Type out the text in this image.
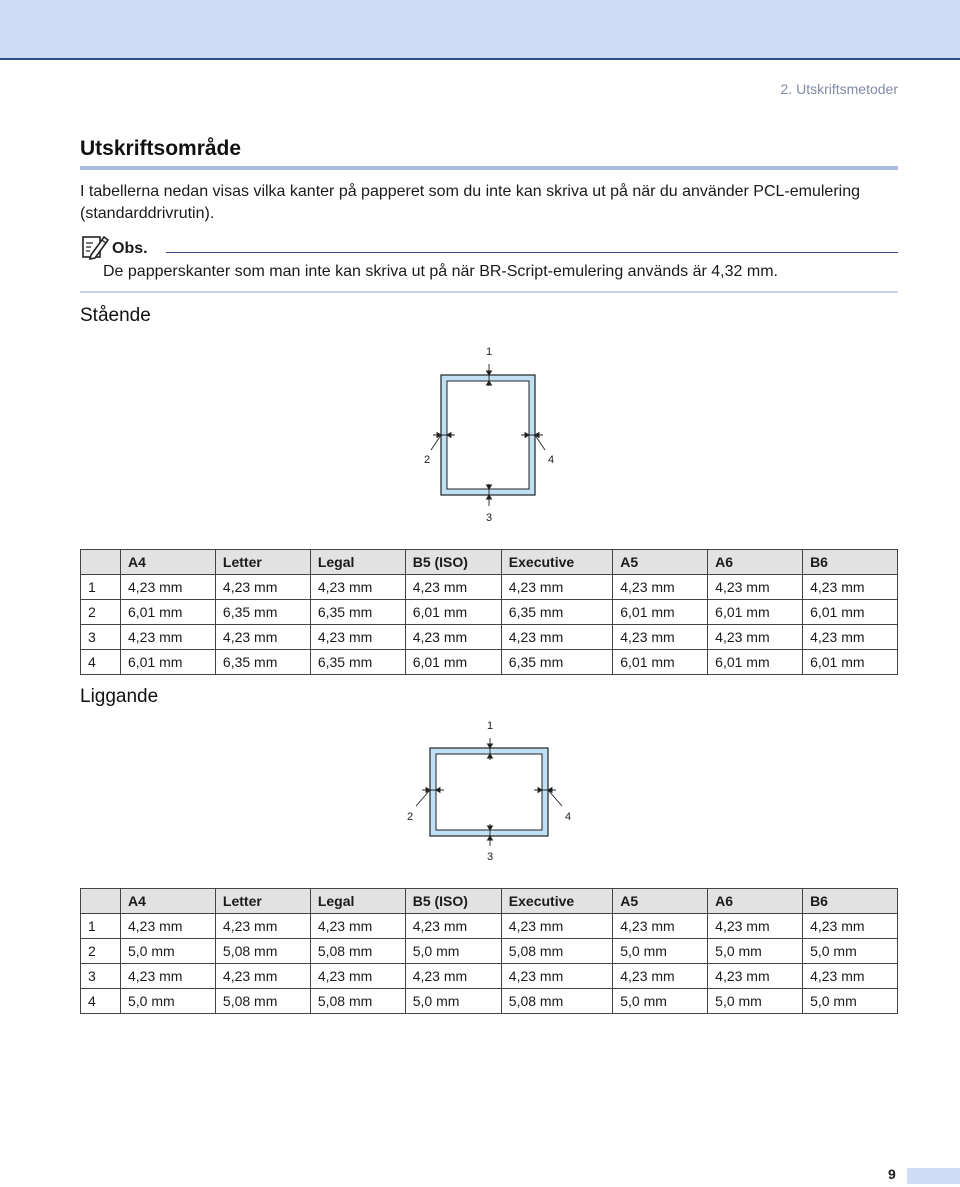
2. Utskriftsmetoder
Utskriftsområde

I tabellerna nedan visas vilka kanter på papperet som du inte kan skriva ut på när du använder PCL-emulering (standarddrivrutin).

Obs.
De papperskanter som man inte kan skriva ut på när BR-Script-emulering används är 4,32 mm.
Stående
1
2
3
4
	A4	Letter	Legal	B5 (ISO)	Executive	A5	A6	B6
1	4,23 mm	4,23 mm	4,23 mm	4,23 mm	4,23 mm	4,23 mm	4,23 mm	4,23 mm
2	6,01 mm	6,35 mm	6,35 mm	6,01 mm	6,35 mm	6,01 mm	6,01 mm	6,01 mm
3	4,23 mm	4,23 mm	4,23 mm	4,23 mm	4,23 mm	4,23 mm	4,23 mm	4,23 mm
4	6,01 mm	6,35 mm	6,35 mm	6,01 mm	6,35 mm	6,01 mm	6,01 mm	6,01 mm
Liggande
1
2
3
4
	A4	Letter	Legal	B5 (ISO)	Executive	A5	A6	B6
1	4,23 mm	4,23 mm	4,23 mm	4,23 mm	4,23 mm	4,23 mm	4,23 mm	4,23 mm
2	5,0 mm	5,08 mm	5,08 mm	5,0 mm	5,08 mm	5,0 mm	5,0 mm	5,0 mm
3	4,23 mm	4,23 mm	4,23 mm	4,23 mm	4,23 mm	4,23 mm	4,23 mm	4,23 mm
4	5,0 mm	5,08 mm	5,08 mm	5,0 mm	5,08 mm	5,0 mm	5,0 mm	5,0 mm
9
